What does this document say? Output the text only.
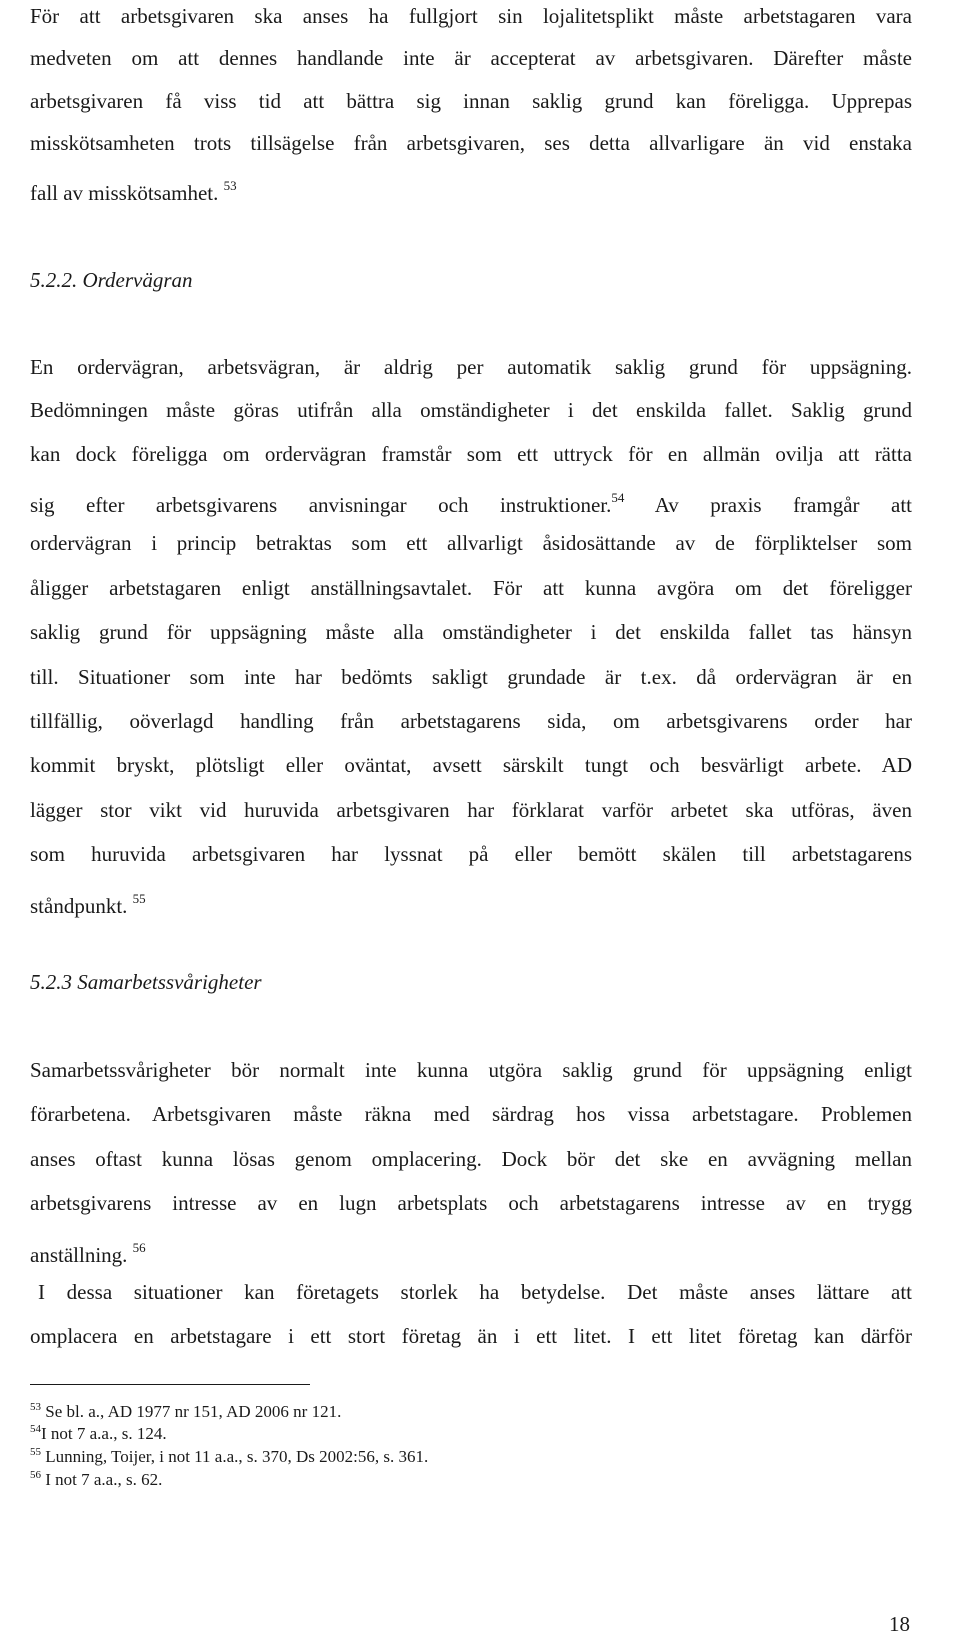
För att arbetsgivaren ska anses ha fullgjort sin lojalitetsplikt måste arbetstagaren vara
medveten om att dennes handlande inte är accepterat av arbetsgivaren. Därefter måste
arbetsgivaren få viss tid att bättra sig innan saklig grund kan föreligga. Upprepas
misskötsamheten trots tillsägelse från arbetsgivaren, ses detta allvarligare än vid enstaka
fall av misskötsamhet. $^{53}$
5.2.2. Ordervägran
En ordervägran, arbetsvägran, är aldrig per automatik saklig grund för uppsägning.
Bedömningen måste göras utifrån alla omständigheter i det enskilda fallet. Saklig grund
kan dock föreligga om ordervägran framstår som ett uttryck för en allmän ovilja att rätta
sig efter arbetsgivarens anvisningar och instruktioner.$^{54}$ Av praxis framgår att
ordervägran i princip betraktas som ett allvarligt åsidosättande av de förpliktelser som
åligger arbetstagaren enligt anställningsavtalet. För att kunna avgöra om det föreligger
saklig grund för uppsägning måste alla omständigheter i det enskilda fallet tas hänsyn
till. Situationer som inte har bedömts sakligt grundade är t.ex. då ordervägran är en
tillfällig, oöverlagd handling från arbetstagarens sida, om arbetsgivarens order har
kommit bryskt, plötsligt eller oväntat, avsett särskilt tungt och besvärligt arbete. AD
lägger stor vikt vid huruvida arbetsgivaren har förklarat varför arbetet ska utföras, även
som huruvida arbetsgivaren har lyssnat på eller bemött skälen till arbetstagarens
ståndpunkt. $^{55}$
5.2.3 Samarbetssvårigheter
Samarbetssvårigheter bör normalt inte kunna utgöra saklig grund för uppsägning enligt
förarbetena. Arbetsgivaren måste räkna med särdrag hos vissa arbetstagare. Problemen
anses oftast kunna lösas genom omplacering. Dock bör det ske en avvägning mellan
arbetsgivarens intresse av en lugn arbetsplats och arbetstagarens intresse av en trygg
anställning. $^{56}$
I dessa situationer kan företagets storlek ha betydelse. Det måste anses lättare att
omplacera en arbetstagare i ett stort företag än i ett litet. I ett litet företag kan därför
$^{53}$ Se bl. a., AD 1977 nr 151, AD 2006 nr 121.
$^{54}$I not 7 a.a., s. 124.
$^{55}$ Lunning, Toijer, i not 11 a.a., s. 370, Ds 2002:56, s. 361.
$^{56}$ I not 7 a.a., s. 62.
18
